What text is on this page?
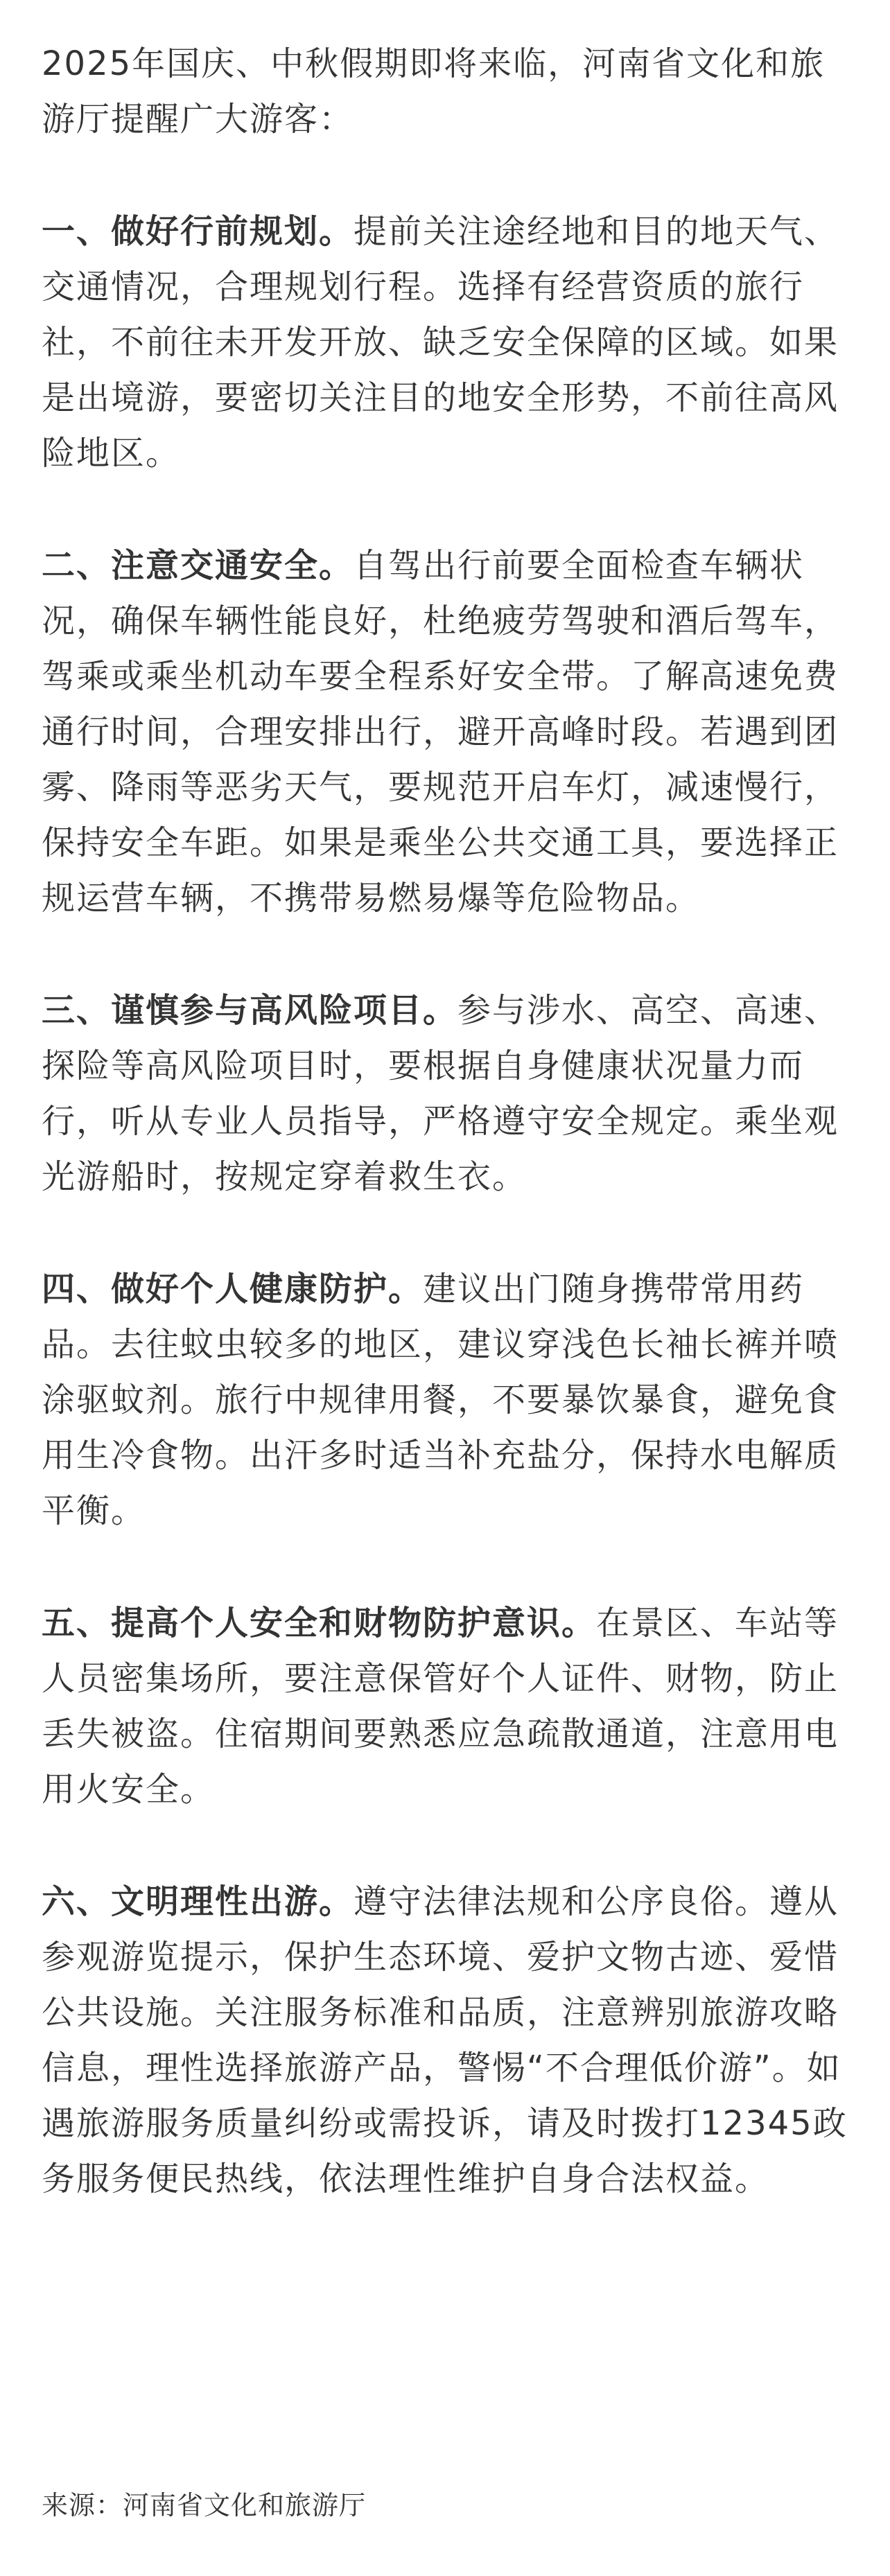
2025年国庆、中秋假期即将来临，河南省文化和旅游厅提醒广大游客：

一、做好行前规划。提前关注途经地和目的地天气、交通情况，合理规划行程。选择有经营资质的旅行社，不前往未开发开放、缺乏安全保障的区域。如果是出境游，要密切关注目的地安全形势，不前往高风险地区。

二、注意交通安全。自驾出行前要全面检查车辆状况，确保车辆性能良好，杜绝疲劳驾驶和酒后驾车，驾乘或乘坐机动车要全程系好安全带。了解高速免费通行时间，合理安排出行，避开高峰时段。若遇到团雾、降雨等恶劣天气，要规范开启车灯，减速慢行，保持安全车距。如果是乘坐公共交通工具，要选择正规运营车辆，不携带易燃易爆等危险物品。

三、谨慎参与高风险项目。参与涉水、高空、高速、探险等高风险项目时，要根据自身健康状况量力而行，听从专业人员指导，严格遵守安全规定。乘坐观光游船时，按规定穿着救生衣。

四、做好个人健康防护。建议出门随身携带常用药品。去往蚊虫较多的地区，建议穿浅色长袖长裤并喷涂驱蚊剂。旅行中规律用餐，不要暴饮暴食，避免食用生冷食物。出汗多时适当补充盐分，保持水电解质平衡。

五、提高个人安全和财物防护意识。在景区、车站等人员密集场所，要注意保管好个人证件、财物，防止丢失被盗。住宿期间要熟悉应急疏散通道，注意用电用火安全。

六、文明理性出游。遵守法律法规和公序良俗。遵从参观游览提示，保护生态环境、爱护文物古迹、爱惜公共设施。关注服务标准和品质，注意辨别旅游攻略信息，理性选择旅游产品，警惕“不合理低价游”。如遇旅游服务质量纠纷或需投诉，请及时拨打12345政务服务便民热线，依法理性维护自身合法权益。

来源：河南省文化和旅游厅
